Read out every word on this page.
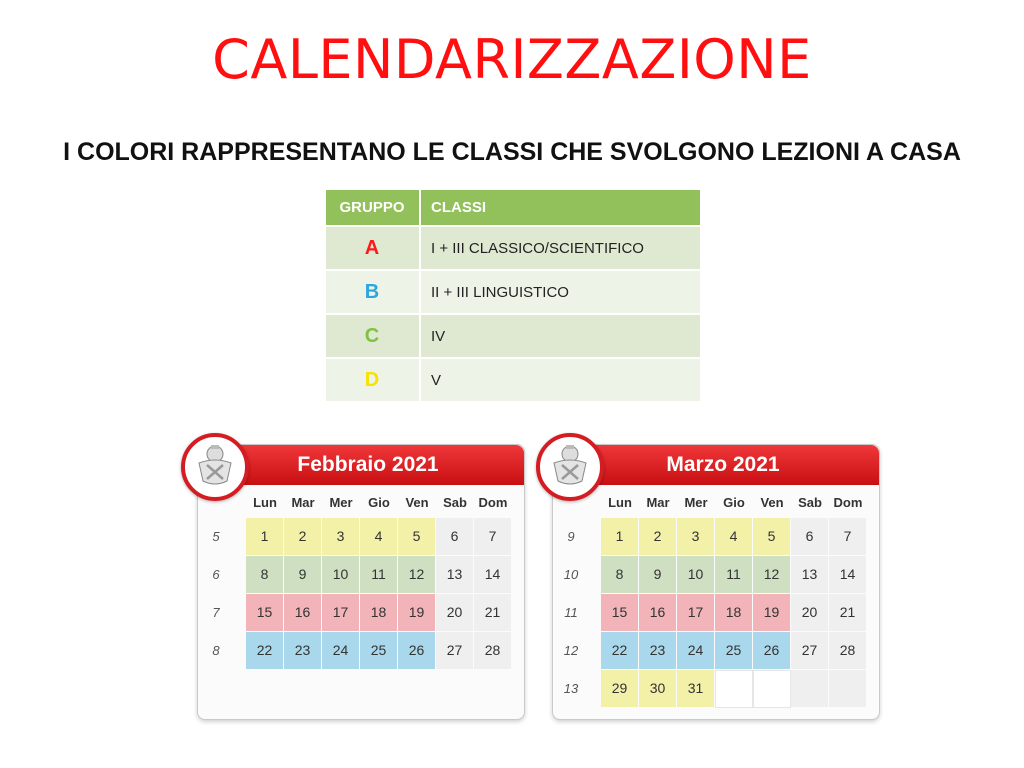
CALENDARIZZAZIONE
I COLORI RAPPRESENTANO LE CLASSI CHE SVOLGONO LEZIONI A CASA
GRUPPO	CLASSI
A	I + III CLASSICO/SCIENTIFICO
B	II + III LINGUISTICO
C	IV
D	V
Febbraio 2021
Lun	Mar	Mer	Gio	Ven	Sab Dom
5	1	2	3	4	5	6	7
6	8	9	10	11	12	13	14
7	15	16	17	18	19	20	21
8	22	23	24	25	26	27	28
Marzo 2021
Lun	Mar	Mer	Gio	Ven	Sab Dom
9	1	2	3	4	5	6	7
10	8	9	10	11	12	13	14
11	15	16	17	18	19	20	21
12	22	23	24	25	26	27	28
13	29	30	31
